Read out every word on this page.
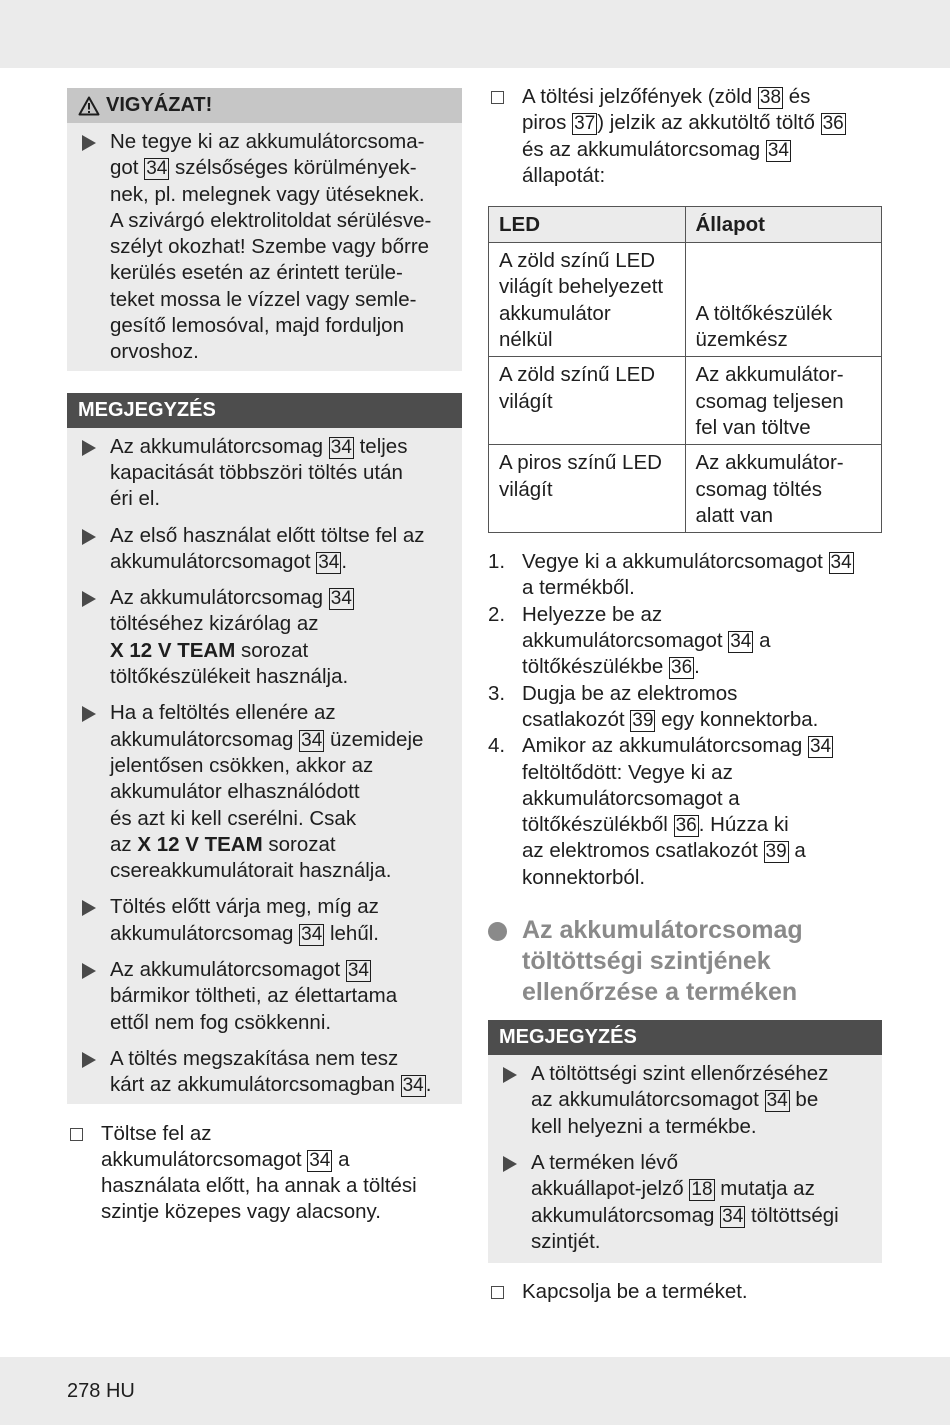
VIGYÁZAT!
Ne tegye ki az akkumulátorcsoma-
got 34 szélsőséges körülmények-
nek, pl. melegnek vagy ütéseknek.
A szivárgó elektrolitoldat sérülésve-
szélyt okozhat! Szembe vagy bőrre
kerülés esetén az érintett terüle-
teket mossa le vízzel vagy semle-
gesítő lemosóval, majd forduljon
orvoshoz.
MEGJEGYZÉS
Az akkumulátorcsomag 34 teljes
kapacitását többszöri töltés után
éri el.
Az első használat előtt töltse fel az
akkumulátorcsomagot 34.
Az akkumulátorcsomag 34
töltéséhez kizárólag az
X 12 V TEAM sorozat
töltőkészülékeit használja.
Ha a feltöltés ellenére az
akkumulátorcsomag 34 üzemideje
jelentősen csökken, akkor az
akkumulátor elhasználódott
és azt ki kell cserélni. Csak
az X 12 V TEAM sorozat
csereakkumulátorait használja.
Töltés előtt várja meg, míg az
akkumulátorcsomag 34 lehűl.
Az akkumulátorcsomagot 34
bármikor töltheti, az élettartama
ettől nem fog csökkenni.
A töltés megszakítása nem tesz
kárt az akkumulátorcsomagban 34.
Töltse fel az
akkumulátorcsomagot 34 a
használata előtt, ha annak a töltési
szintje közepes vagy alacsony.
A töltési jelzőfények (zöld 38 és
piros 37) jelzik az akkutöltő töltő 36
és az akkumulátorcsomag 34
állapotát:
LED	Állapot
A zöld színű LED
világít behelyezett
akkumulátor
nélkül	A töltőkészülék
üzemkész
A zöld színű LED
világít	Az akkumulátor-
csomag teljesen
fel van töltve
A piros színű LED
világít	Az akkumulátor-
csomag töltés
alatt van
1. Vegye ki a akkumulátorcsomagot 34
a termékből.
2. Helyezze be az
akkumulátorcsomagot 34 a
töltőkészülékbe 36.
3. Dugja be az elektromos
csatlakozót 39 egy konnektorba.
4. Amikor az akkumulátorcsomag 34
feltöltődött: Vegye ki az
akkumulátorcsomagot a
töltőkészülékből 36. Húzza ki
az elektromos csatlakozót 39 a
konnektorból.
Az akkumulátorcsomag
töltöttségi szintjének
ellenőrzése a terméken
MEGJEGYZÉS
A töltöttségi szint ellenőrzéséhez
az akkumulátorcsomagot 34 be
kell helyezni a termékbe.
A terméken lévő
akkuállapot-jelző 18 mutatja az
akkumulátorcsomag 34 töltöttségi
szintjét.
Kapcsolja be a terméket.
278 HU
